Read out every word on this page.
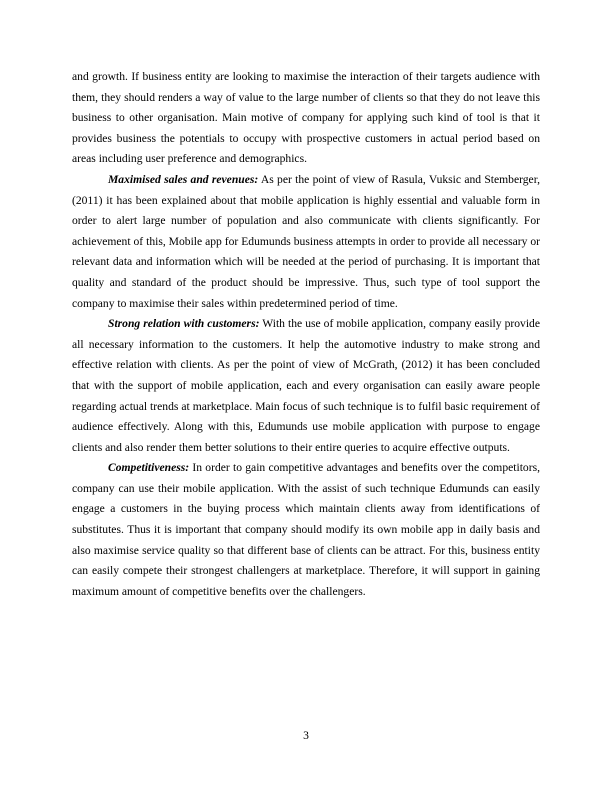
and growth. If business entity are looking to maximise the interaction of their targets audience with them, they should renders a way of value to the large number of clients so that they do not leave this business to other organisation. Main motive of company for applying such kind of tool is that it provides business the potentials to occupy with prospective customers in actual period based on areas including user preference and demographics.

Maximised sales and revenues: As per the point of view of Rasula, Vuksic and Stemberger, (2011) it has been explained about that mobile application is highly essential and valuable form in order to alert large number of population and also communicate with clients significantly. For achievement of this, Mobile app for Edumunds business attempts in order to provide all necessary or relevant data and information which will be needed at the period of purchasing. It is important that quality and standard of the product should be impressive. Thus, such type of tool support the company to maximise their sales within predetermined period of time.

Strong relation with customers: With the use of mobile application, company easily provide all necessary information to the customers. It help the automotive industry to make strong and effective relation with clients. As per the point of view of McGrath, (2012) it has been concluded that with the support of mobile application, each and every organisation can easily aware people regarding actual trends at marketplace. Main focus of such technique is to fulfil basic requirement of audience effectively. Along with this, Edumunds use mobile application with purpose to engage clients and also render them better solutions to their entire queries to acquire effective outputs.

Competitiveness: In order to gain competitive advantages and benefits over the competitors, company can use their mobile application. With the assist of such technique Edumunds can easily engage a customers in the buying process which maintain clients away from identifications of substitutes. Thus it is important that company should modify its own mobile app in daily basis and also maximise service quality so that different base of clients can be attract. For this, business entity can easily compete their strongest challengers at marketplace. Therefore, it will support in gaining maximum amount of competitive benefits over the challengers.

3
